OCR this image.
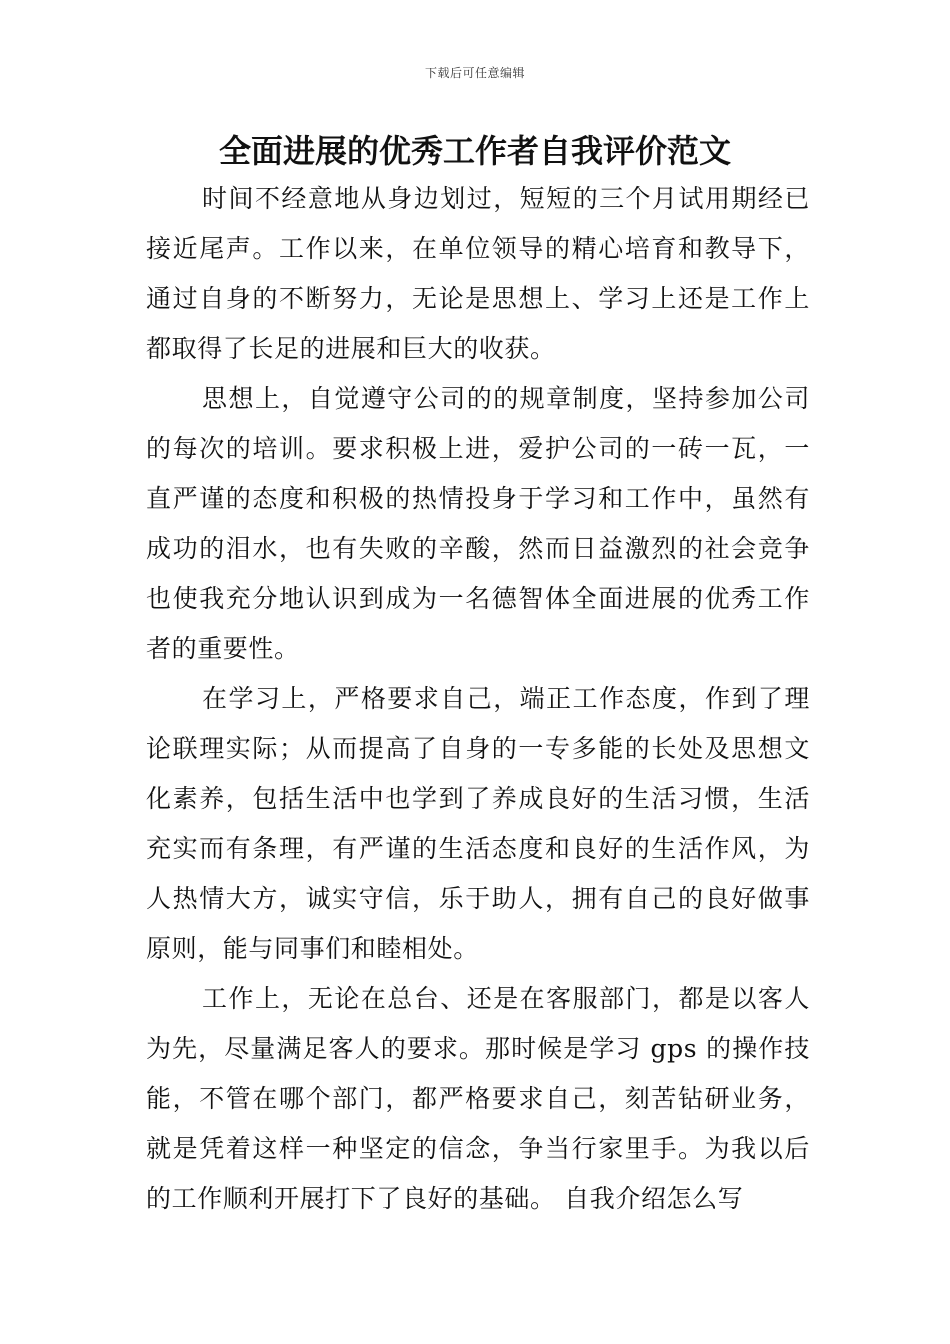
下载后可任意编辑
全面进展的优秀工作者自我评价范文

时间不经意地从身边划过，短短的三个月试用期经已接近尾声。工作以来，在单位领导的精心培育和教导下，通过自身的不断努力，无论是思想上、学习上还是工作上都取得了长足的进展和巨大的收获。

思想上，自觉遵守公司的的规章制度，坚持参加公司的每次的培训。要求积极上进，爱护公司的一砖一瓦，一直严谨的态度和积极的热情投身于学习和工作中，虽然有成功的泪水，也有失败的辛酸，然而日益激烈的社会竞争也使我充分地认识到成为一名德智体全面进展的优秀工作者的重要性。

在学习上，严格要求自己，端正工作态度，作到了理论联理实际；从而提高了自身的一专多能的长处及思想文化素养，包括生活中也学到了养成良好的生活习惯，生活充实而有条理，有严谨的生活态度和良好的生活作风，为人热情大方，诚实守信，乐于助人，拥有自己的良好做事原则，能与同事们和睦相处。

工作上，无论在总台、还是在客服部门，都是以客人为先，尽量满足客人的要求。那时候是学习 gps 的操作技能，不管在哪个部门，都严格要求自己，刻苦钻研业务，就是凭着这样一种坚定的信念，争当行家里手。为我以后的工作顺利开展打下了良好的基础。 自我介绍怎么写
